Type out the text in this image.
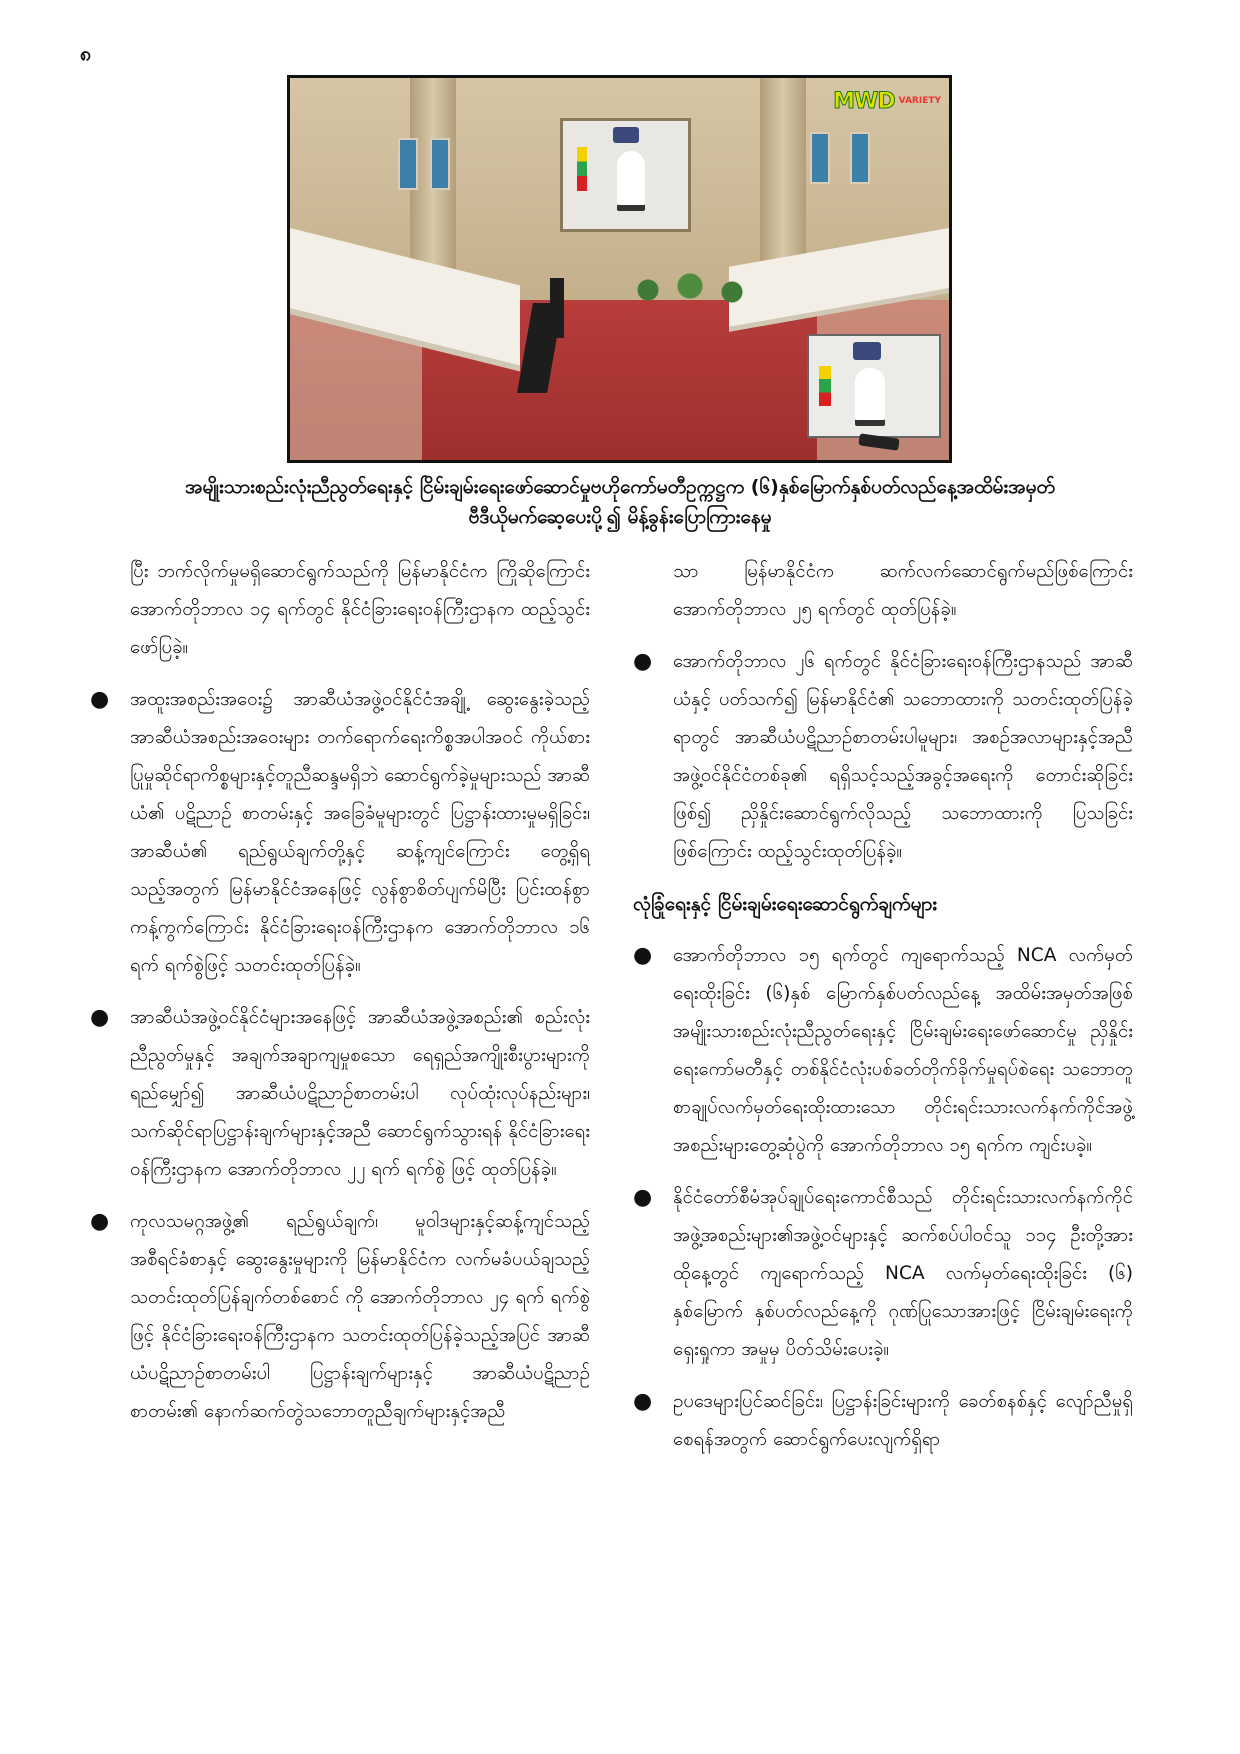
၈
MWD VARIETY
အမျိုးသားစည်းလုံးညီညွတ်ရေးနှင့် ငြိမ်းချမ်းရေးဖော်ဆောင်မှုဗဟိုကော်မတီဥက္ကဋ္ဌက (၆)နှစ်မြောက်နှစ်ပတ်လည်နေ့အထိမ်းအမှတ်
ဗီဒီယိုမက်ဆေ့ပေးပို့၍ မိန့်ခွန်းပြောကြားနေမှု

ပြီး ဘက်လိုက်မှုမရှိဆောင်ရွက်သည်ကို မြန်မာနိုင်ငံက ကြိုဆိုကြောင်း အောက်တိုဘာလ ၁၄ ရက်တွင် နိုင်ငံခြားရေးဝန်ကြီးဌာနက ထည့်သွင်းဖော်ပြခဲ့။

● အထူးအစည်းအဝေး၌ အာဆီယံအဖွဲ့ဝင်နိုင်ငံအချို့ ဆွေးနွေးခဲ့သည့် အာဆီယံအစည်းအဝေးများ တက်ရောက်ရေးကိစ္စအပါအဝင် ကိုယ်စားပြုမှုဆိုင်ရာကိစ္စများနှင့်တူညီဆန္ဒမရှိဘဲ ဆောင်ရွက်ခဲ့မှုများသည် အာဆီယံ၏ ပဋိညာဉ် စာတမ်းနှင့် အခြေခံမူများတွင် ပြဋ္ဌာန်းထားမှုမရှိခြင်း၊ အာဆီယံ၏ ရည်ရွယ်ချက်တို့နှင့် ဆန့်ကျင်ကြောင်း တွေ့ရှိရသည့်အတွက် မြန်မာနိုင်ငံအနေဖြင့် လွန်စွာစိတ်ပျက်မိပြီး ပြင်းထန်စွာကန့်ကွက်ကြောင်း နိုင်ငံခြားရေးဝန်ကြီးဌာနက အောက်တိုဘာလ ၁၆ ရက် ရက်စွဲဖြင့် သတင်းထုတ်ပြန်ခဲ့။
● အာဆီယံအဖွဲ့ဝင်နိုင်ငံများအနေဖြင့် အာဆီယံအဖွဲ့အစည်း၏ စည်းလုံးညီညွတ်မှုနှင့် အချက်အချာကျမှုစသော ရေရှည်အကျိုးစီးပွားများကို ရည်မျှော်၍ အာဆီယံပဋိညာဉ်စာတမ်းပါ လုပ်ထုံးလုပ်နည်းများ၊ သက်ဆိုင်ရာပြဋ္ဌာန်းချက်များနှင့်အညီ ဆောင်ရွက်သွားရန် နိုင်ငံခြားရေးဝန်ကြီးဌာနက အောက်တိုဘာလ ၂၂ ရက် ရက်စွဲ ဖြင့် ထုတ်ပြန်ခဲ့။
● ကုလသမဂ္ဂအဖွဲ့၏ ရည်ရွယ်ချက်၊ မူဝါဒများနှင့်ဆန့်ကျင်သည့် အစီရင်ခံစာနှင့် ဆွေးနွေးမှုများကို မြန်မာနိုင်ငံက လက်မခံပယ်ချသည့် သတင်းထုတ်ပြန်ချက်တစ်စောင် ကို အောက်တိုဘာလ ၂၄ ရက် ရက်စွဲဖြင့် နိုင်ငံခြားရေးဝန်ကြီးဌာနက သတင်းထုတ်ပြန်ခဲ့သည့်အပြင် အာဆီယံပဋိညာဉ်စာတမ်းပါ ပြဋ္ဌာန်းချက်များနှင့် အာဆီယံပဋိညာဉ်စာတမ်း၏ နောက်ဆက်တွဲသဘောတူညီချက်များနှင့်အညီ

သာ မြန်မာနိုင်ငံက ဆက်လက်ဆောင်ရွက်မည်ဖြစ်ကြောင်း အောက်တိုဘာလ ၂၅ ရက်တွင် ထုတ်ပြန်ခဲ့။

● အောက်တိုဘာလ ၂၆ ရက်တွင် နိုင်ငံခြားရေးဝန်ကြီးဌာနသည် အာဆီယံနှင့် ပတ်သက်၍ မြန်မာနိုင်ငံ၏ သဘောထားကို သတင်းထုတ်ပြန်ခဲ့ရာတွင် အာဆီယံပဋိညာဉ်စာတမ်းပါမူများ၊ အစဉ်အလာများနှင့်အညီ အဖွဲ့ဝင်နိုင်ငံတစ်ခု၏ ရရှိသင့်သည့်အခွင့်အရေးကို တောင်းဆိုခြင်းဖြစ်၍ ညှိနှိုင်းဆောင်ရွက်လိုသည့် သဘောထားကို ပြသခြင်းဖြစ်ကြောင်း ထည့်သွင်းထုတ်ပြန်ခဲ့။
လုံခြုံရေးနှင့် ငြိမ်းချမ်းရေးဆောင်ရွက်ချက်များ
● အောက်တိုဘာလ ၁၅ ရက်တွင် ကျရောက်သည့် NCA လက်မှတ်ရေးထိုးခြင်း (၆)နှစ် မြောက်နှစ်ပတ်လည်နေ့ အထိမ်းအမှတ်အဖြစ် အမျိုးသားစည်းလုံးညီညွတ်ရေးနှင့် ငြိမ်းချမ်းရေးဖော်ဆောင်မှု ညှိနှိုင်းရေးကော်မတီနှင့် တစ်နိုင်ငံလုံးပစ်ခတ်တိုက်ခိုက်မှုရပ်စဲရေး သဘောတူစာချုပ်လက်မှတ်ရေးထိုးထားသော တိုင်းရင်းသားလက်နက်ကိုင်အဖွဲ့အစည်းများတွေ့ဆုံပွဲကို အောက်တိုဘာလ ၁၅ ရက်က ကျင်းပခဲ့။
● နိုင်ငံတော်စီမံအုပ်ချုပ်ရေးကောင်စီသည် တိုင်းရင်းသားလက်နက်ကိုင်အဖွဲ့အစည်းများ၏အဖွဲ့ဝင်များနှင့် ဆက်စပ်ပါဝင်သူ ၁၁၄ ဦးတို့အား ထိုနေ့တွင် ကျရောက်သည့် NCA လက်မှတ်ရေးထိုးခြင်း (၆) နှစ်မြောက် နှစ်ပတ်လည်နေ့ကို ဂုဏ်ပြုသောအားဖြင့် ငြိမ်းချမ်းရေးကို ရှေးရှုကာ အမှုမှ ပိတ်သိမ်းပေးခဲ့။
● ဥပဒေများပြင်ဆင်ခြင်း၊ ပြဋ္ဌာန်းခြင်းများကို ခေတ်စနစ်နှင့် လျော်ညီမှုရှိစေရန်အတွက် ဆောင်ရွက်ပေးလျက်ရှိရာ
